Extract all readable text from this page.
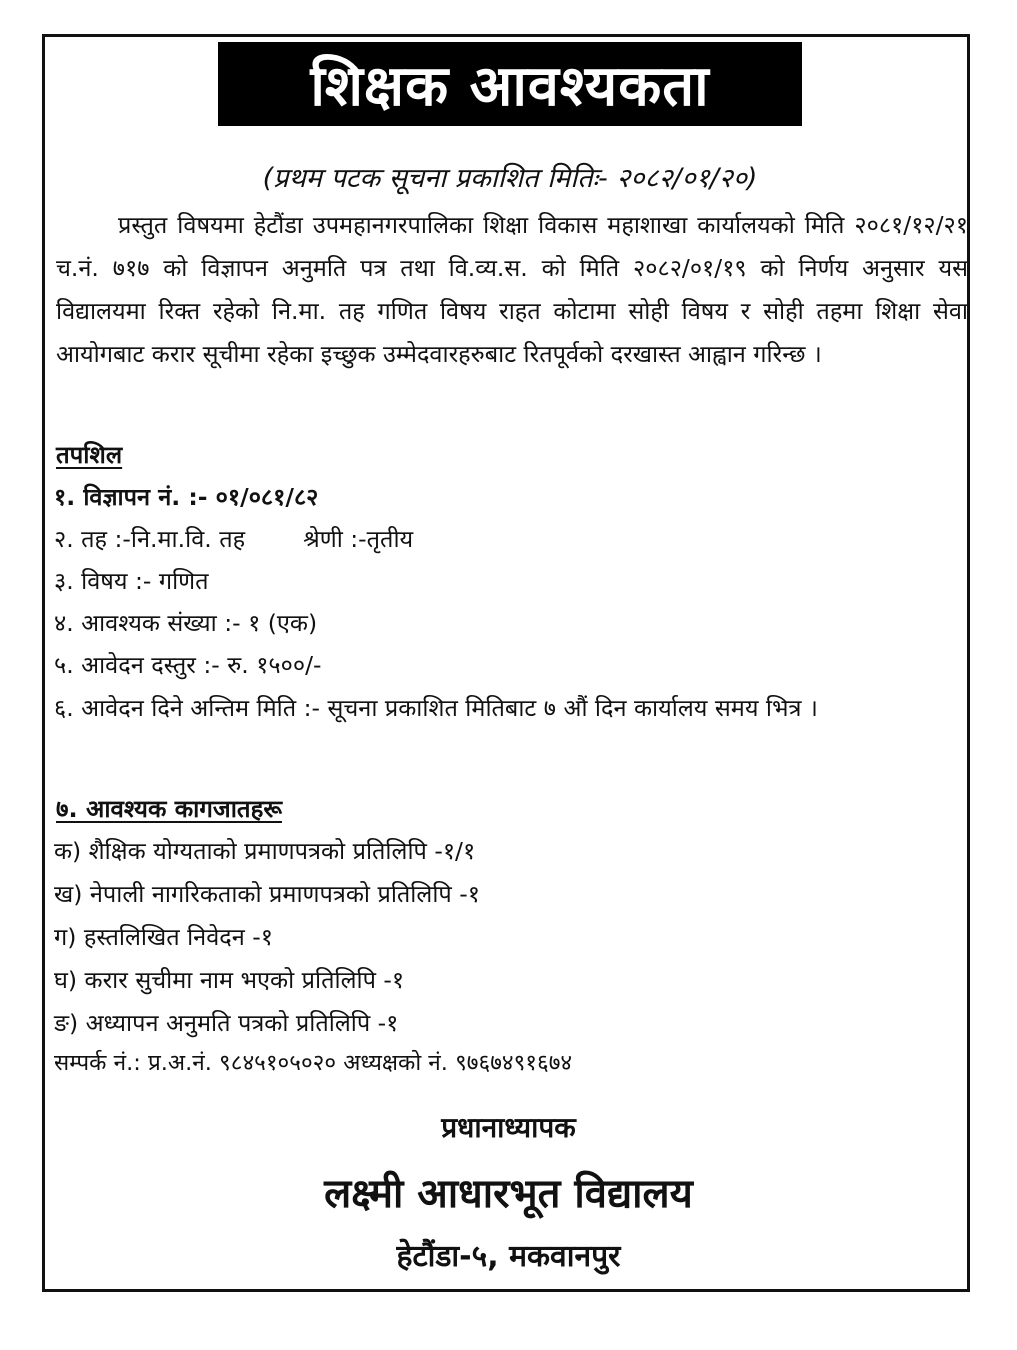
शिक्षक आवश्यकता
(प्रथम पटक सूचना प्रकाशित मितिः- २०८२/०१/२०)
प्रस्तुत विषयमा हेटौंडा उपमहानगरपालिका शिक्षा विकास महाशाखा कार्यालयको मिति २०८१/१२/२१ च.नं. ७१७ को विज्ञापन अनुमति पत्र तथा वि.व्य.स. को मिति २०८२/०१/१९ को निर्णय अनुसार यस विद्यालयमा रिक्त रहेको नि.मा. तह गणित विषय राहत कोटामा सोही विषय र सोही तहमा शिक्षा सेवा आयोगबाट करार सूचीमा रहेका इच्छुक उम्मेदवारहरुबाट रितपूर्वको दरखास्त आह्वान गरिन्छ ।
तपशिल
१. विज्ञापन नं. :- ०१/०८१/८२
२. तह :-नि.मा.वि. तह श्रेणी :-तृतीय
३. विषय :- गणित
४. आवश्यक संख्या :- १ (एक)
५. आवेदन दस्तुर :- रु. १५००/-
६. आवेदन दिने अन्तिम मिति :- सूचना प्रकाशित मितिबाट ७ औं दिन कार्यालय समय भित्र ।
७. आवश्यक कागजातहरू
क) शैक्षिक योग्यताको प्रमाणपत्रको प्रतिलिपि -१/१
ख) नेपाली नागरिकताको प्रमाणपत्रको प्रतिलिपि -१
ग) हस्तलिखित निवेदन -१
घ) करार सुचीमा नाम भएको प्रतिलिपि -१
ङ) अध्यापन अनुमति पत्रको प्रतिलिपि -१
सम्पर्क नं.: प्र.अ.नं. ९८४५१०५०२० अध्यक्षको नं. ९७६७४९१६७४
प्रधानाध्यापक
लक्ष्मी आधारभूत विद्यालय
हेटौंडा-५, मकवानपुर
